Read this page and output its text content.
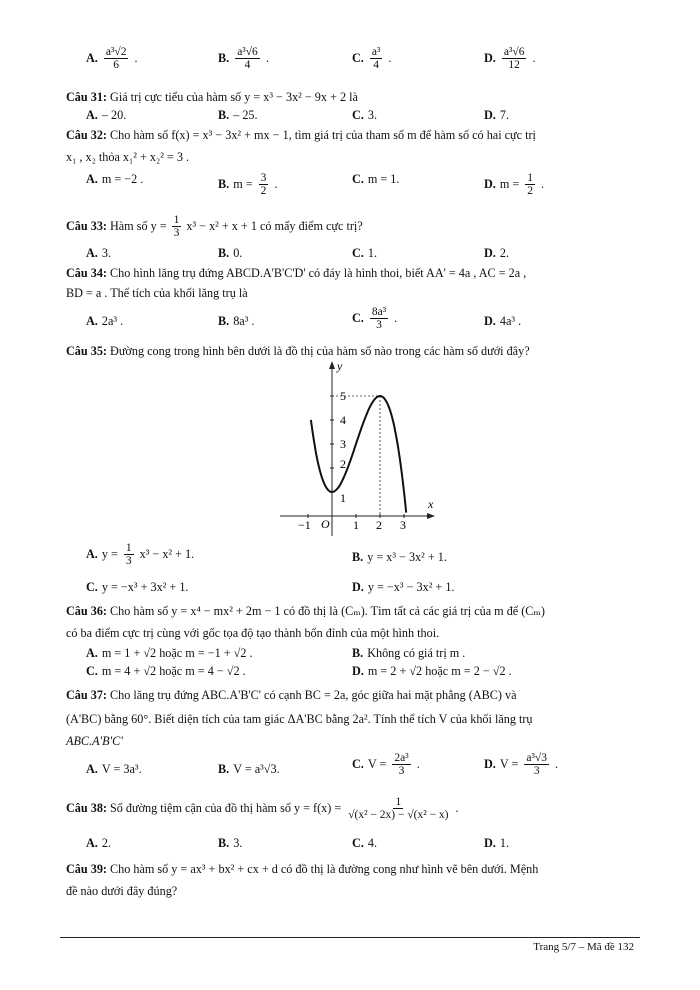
A. $\frac{\text{a³√2}}{6}$ .	B. $\frac{\text{a³√6}}{4}$ .	C. $\frac{\text{a³}}{4}$ .	D. $\frac{\text{a³√6}}{12}$ .
Câu 31: Giá trị cực tiểu của hàm số y = x³ − 3x² − 9x + 2 là
A. – 20.	B. – 25.	C. 3.	D. 7.
Câu 32: Cho hàm số f(x) = x³ − 3x² + mx − 1, tìm giá trị của tham số m để hàm số có hai cực trị
x₁ , x₂ thỏa x₁² + x₂² = 3 .
A. m = −2 .	B. $m = \frac{3}{2}$ .	C. m = 1.	D. $m = \frac{1}{2}$ .
Câu 33: Hàm số $y = \frac{1}{3} x^3 - x^2 + x + 1$ có mấy điểm cực trị?
A. 3.	B. 0.	C. 1.	D. 2.
Câu 34: Cho hình lăng trụ đứng ABCD.A'B'C'D' có đáy là hình thoi, biết AA' = 4a , AC = 2a ,
BD = a . Thể tích của khối lăng trụ là
A. 2a³ .	B. 8a³ .	C. $\frac{\text{8a³}}{3}$ .	D. 4a³ .
Câu 35: Đường cong trong hình bên dưới là đồ thị của hàm số nào trong các hàm số dưới đây?
y
x
O
−1	1 2 3
1
2
3
4
5
A. $y = \frac{1}{3} x^3 - x^2 + 1$.	B. y = x³ − 3x² + 1.
C. y = −x³ + 3x² + 1.	D. y = −x³ − 3x² + 1.
Câu 36: Cho hàm số y = x⁴ − mx² + 2m − 1 có đồ thị là (Cₘ). Tìm tất cả các giá trị của m để (Cₘ)
có ba điểm cực trị cùng với gốc tọa độ tạo thành bốn đỉnh của một hình thoi.
A. m = 1 + √2 hoặc m = −1 + √2 .	B. Không có giá trị m .
C. m = 4 + √2 hoặc m = 4 − √2 .	D. m = 2 + √2 hoặc m = 2 − √2 .
Câu 37: Cho lăng trụ đứng ABC.A'B'C' có cạnh BC = 2a, góc giữa hai mặt phẳng (ABC) và
(A'BC) bằng 60°. Biết diện tích của tam giác ΔA'BC bằng 2a². Tính thể tích V của khối lăng trụ
ABC.A'B'C'
A. V = 3a³.	B. V = a³√3.	C. $V = \frac{\text{2a³}}{3}$ .	D. $V = \frac{\text{a³√3}}{3}$ .
Câu 38: Số đường tiệm cận của đồ thị hàm số $y = f(x) = \frac{1}{\text{√(x² − 2x) − √(x² − x)}}$ .
A. 2.	B. 3.	C. 4.	D. 1.
Câu 39: Cho hàm số y = ax³ + bx² + cx + d có đồ thị là đường cong như hình vẽ bên dưới. Mệnh
đề nào dưới đây đúng?
Trang 5/7 – Mã đề 132
